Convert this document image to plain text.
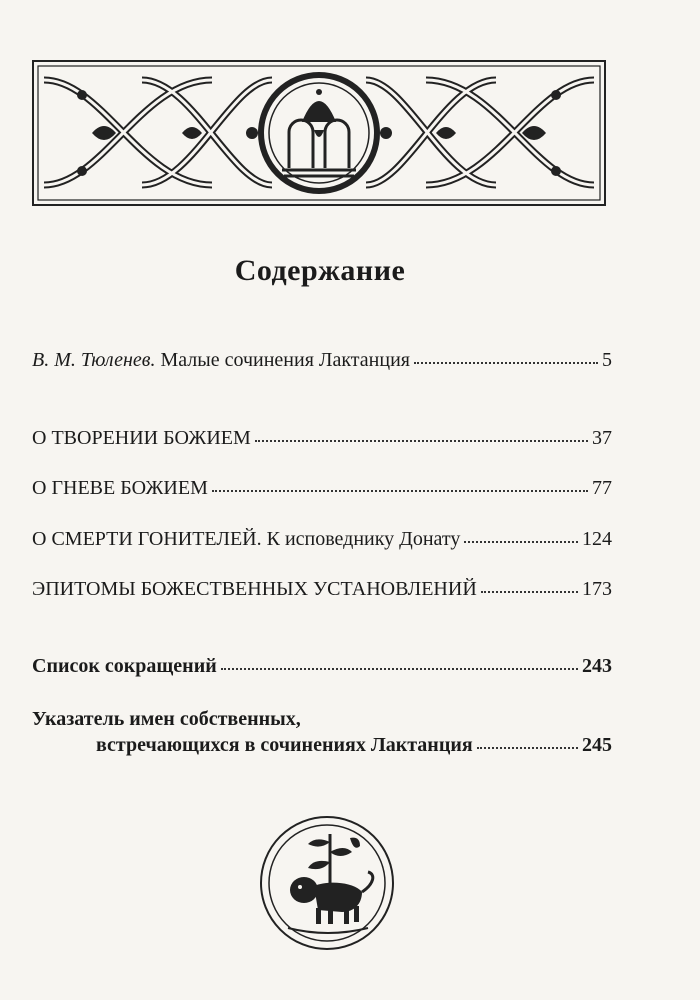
Содержание
В. М. Тюленев. Малые сочинения Лактанция	5
О ТВОРЕНИИ БОЖИЕМ	37
О ГНЕВЕ БОЖИЕМ	77
О СМЕРТИ ГОНИТЕЛЕЙ. К исповеднику Донату	124
ЭПИТОМЫ БОЖЕСТВЕННЫХ УСТАНОВЛЕНИЙ	173
Список сокращений	243
Указатель имен собственных,
встречающихся в сочинениях Лактанция	245
